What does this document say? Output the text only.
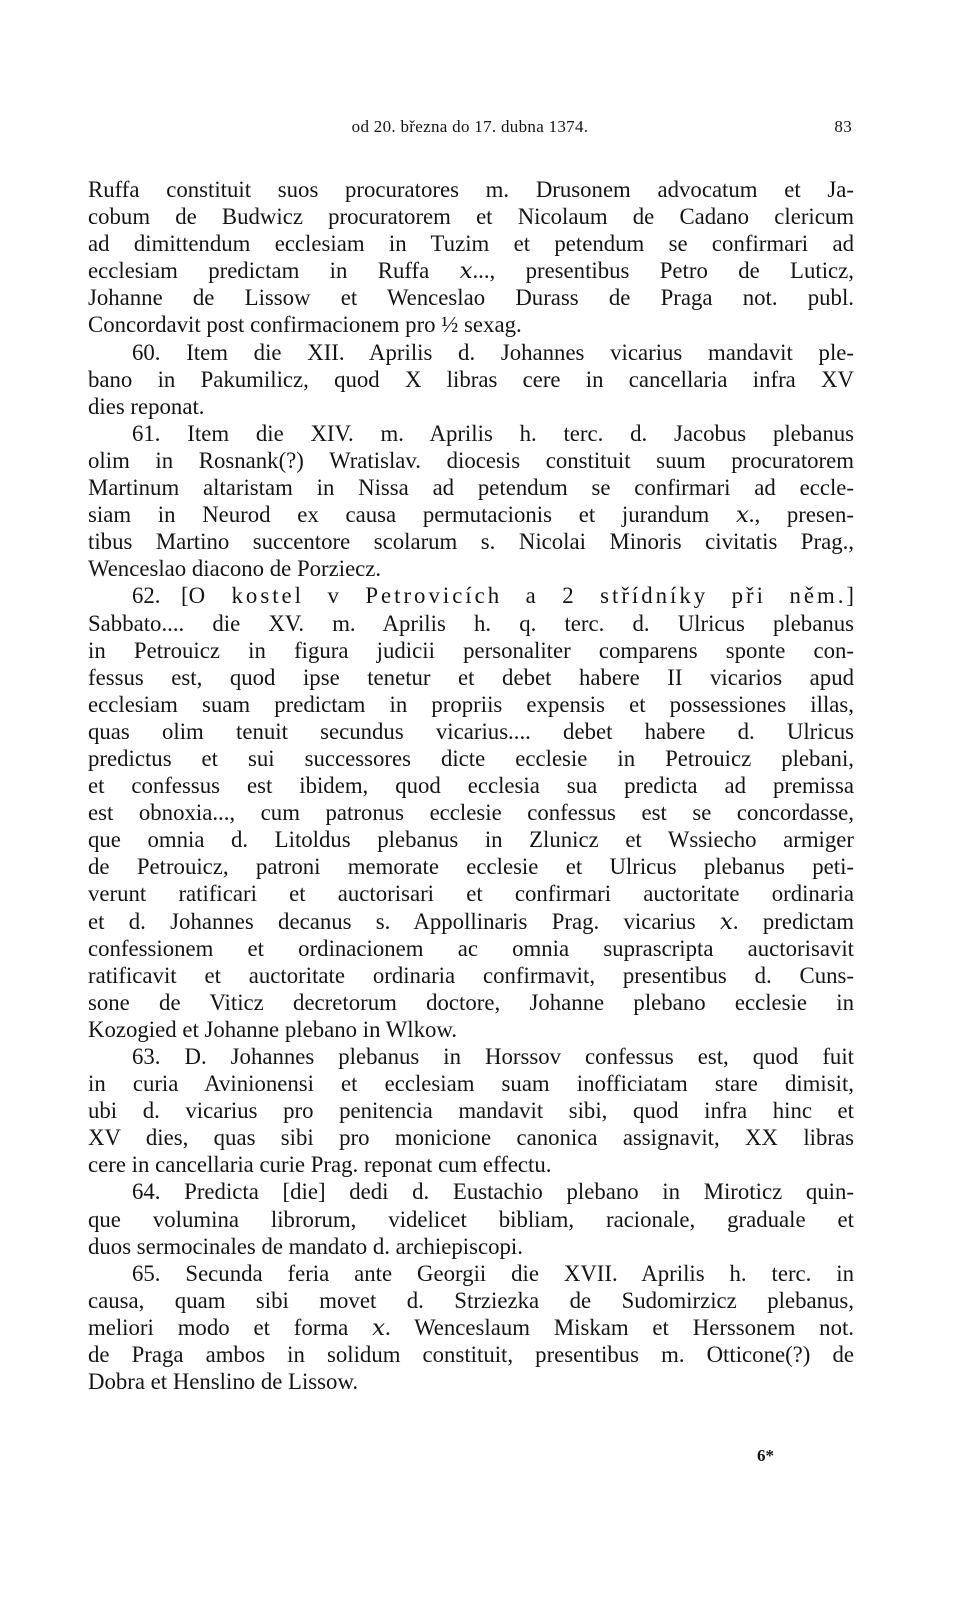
od 20. března do 17. dubna 1374.	83
Ruffa constituit suos procuratores m. Drusonem advocatum et Ja-
cobum de Budwicz procuratorem et Nicolaum de Cadano clericum
ad dimittendum ecclesiam in Tuzim et petendum se confirmari ad
ecclesiam predictam in Ruffa 𝑥..., presentibus Petro de Luticz,
Johanne de Lissow et Wenceslao Durass de Praga not. publ.
Concordavit post confirmacionem pro ½ sexag.
60. Item die XII. Aprilis d. Johannes vicarius mandavit ple-
bano in Pakumilicz, quod X libras cere in cancellaria infra XV
dies reponat.
61. Item die XIV. m. Aprilis h. terc. d. Jacobus plebanus
olim in Rosnank(?) Wratislav. diocesis constituit suum procuratorem
Martinum altaristam in Nissa ad petendum se confirmari ad eccle-
siam in Neurod ex causa permutacionis et jurandum 𝑥., presen-
tibus Martino succentore scolarum s. Nicolai Minoris civitatis Prag.,
Wenceslao diacono de Porziecz.
62. [O kostel v Petrovicích a 2 střídníky při něm.]
Sabbato.... die XV. m. Aprilis h. q. terc. d. Ulricus plebanus
in Petrouicz in figura judicii personaliter comparens sponte con-
fessus est, quod ipse tenetur et debet habere II vicarios apud
ecclesiam suam predictam in propriis expensis et possessiones illas,
quas olim tenuit secundus vicarius.... debet habere d. Ulricus
predictus et sui successores dicte ecclesie in Petrouicz plebani,
et confessus est ibidem, quod ecclesia sua predicta ad premissa
est obnoxia..., cum patronus ecclesie confessus est se concordasse,
que omnia d. Litoldus plebanus in Zlunicz et Wssiecho armiger
de Petrouicz, patroni memorate ecclesie et Ulricus plebanus peti-
verunt ratificari et auctorisari et confirmari auctoritate ordinaria
et d. Johannes decanus s. Appollinaris Prag. vicarius 𝑥. predictam
confessionem et ordinacionem ac omnia suprascripta auctorisavit
ratificavit et auctoritate ordinaria confirmavit, presentibus d. Cuns-
sone de Viticz decretorum doctore, Johanne plebano ecclesie in
Kozogied et Johanne plebano in Wlkow.
63. D. Johannes plebanus in Horssov confessus est, quod fuit
in curia Avinionensi et ecclesiam suam inofficiatam stare dimisit,
ubi d. vicarius pro penitencia mandavit sibi, quod infra hinc et
XV dies, quas sibi pro monicione canonica assignavit, XX libras
cere in cancellaria curie Prag. reponat cum effectu.
64. Predicta [die] dedi d. Eustachio plebano in Miroticz quin-
que volumina librorum, videlicet bibliam, racionale, graduale et
duos sermocinales de mandato d. archiepiscopi.
65. Secunda feria ante Georgii die XVII. Aprilis h. terc. in
causa, quam sibi movet d. Strziezka de Sudomirzicz plebanus,
meliori modo et forma 𝑥. Wenceslaum Miskam et Herssonem not.
de Praga ambos in solidum constituit, presentibus m. Otticone(?) de
Dobra et Henslino de Lissow.
6*
